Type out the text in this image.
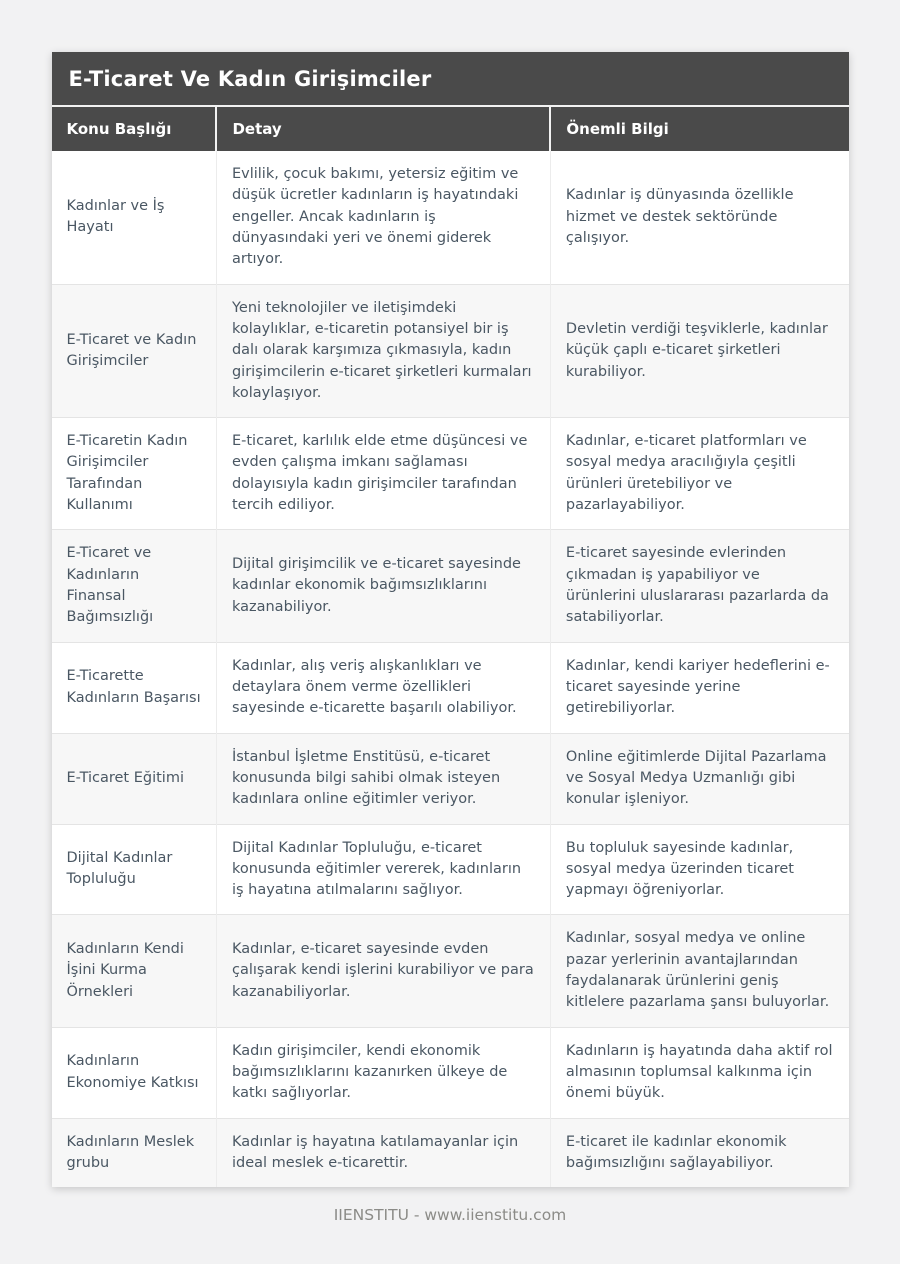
E-Ticaret Ve Kadın Girişimciler
Konu Başlığı	Detay	Önemli Bilgi
Kadınlar ve İş Hayatı	Evlilik, çocuk bakımı, yetersiz eğitim ve düşük ücretler kadınların iş hayatındaki engeller. Ancak kadınların iş dünyasındaki yeri ve önemi giderek artıyor.	Kadınlar iş dünyasında özellikle hizmet ve destek sektöründe çalışıyor.
E-Ticaret ve Kadın Girişimciler	Yeni teknolojiler ve iletişimdeki kolaylıklar, e-ticaretin potansiyel bir iş dalı olarak karşımıza çıkmasıyla, kadın girişimcilerin e-ticaret şirketleri kurmaları kolaylaşıyor.	Devletin verdiği teşviklerle, kadınlar küçük çaplı e-ticaret şirketleri kurabiliyor.
E-Ticaretin Kadın Girişimciler Tarafından Kullanımı	E-ticaret, karlılık elde etme düşüncesi ve evden çalışma imkanı sağlaması dolayısıyla kadın girişimciler tarafından tercih ediliyor.	Kadınlar, e-ticaret platformları ve sosyal medya aracılığıyla çeşitli ürünleri üretebiliyor ve pazarlayabiliyor.
E-Ticaret ve Kadınların Finansal Bağımsızlığı	Dijital girişimcilik ve e-ticaret sayesinde kadınlar ekonomik bağımsızlıklarını kazanabiliyor.	E-ticaret sayesinde evlerinden çıkmadan iş yapabiliyor ve ürünlerini uluslararası pazarlarda da satabiliyorlar.
E-Ticarette Kadınların Başarısı	Kadınlar, alış veriş alışkanlıkları ve detaylara önem verme özellikleri sayesinde e-ticarette başarılı olabiliyor.	Kadınlar, kendi kariyer hedeflerini e-ticaret sayesinde yerine getirebiliyorlar.
E-Ticaret Eğitimi	İstanbul İşletme Enstitüsü, e-ticaret konusunda bilgi sahibi olmak isteyen kadınlara online eğitimler veriyor.	Online eğitimlerde Dijital Pazarlama ve Sosyal Medya Uzmanlığı gibi konular işleniyor.
Dijital Kadınlar Topluluğu	Dijital Kadınlar Topluluğu, e-ticaret konusunda eğitimler vererek, kadınların iş hayatına atılmalarını sağlıyor.	Bu topluluk sayesinde kadınlar, sosyal medya üzerinden ticaret yapmayı öğreniyorlar.
Kadınların Kendi İşini Kurma Örnekleri	Kadınlar, e-ticaret sayesinde evden çalışarak kendi işlerini kurabiliyor ve para kazanabiliyorlar.	Kadınlar, sosyal medya ve online pazar yerlerinin avantajlarından faydalanarak ürünlerini geniş kitlelere pazarlama şansı buluyorlar.
Kadınların Ekonomiye Katkısı	Kadın girişimciler, kendi ekonomik bağımsızlıklarını kazanırken ülkeye de katkı sağlıyorlar.	Kadınların iş hayatında daha aktif rol almasının toplumsal kalkınma için önemi büyük.
Kadınların Meslek grubu	Kadınlar iş hayatına katılamayanlar için ideal meslek e-ticarettir.	E-ticaret ile kadınlar ekonomik bağımsızlığını sağlayabiliyor.
IIENSTITU - www.iienstitu.com
